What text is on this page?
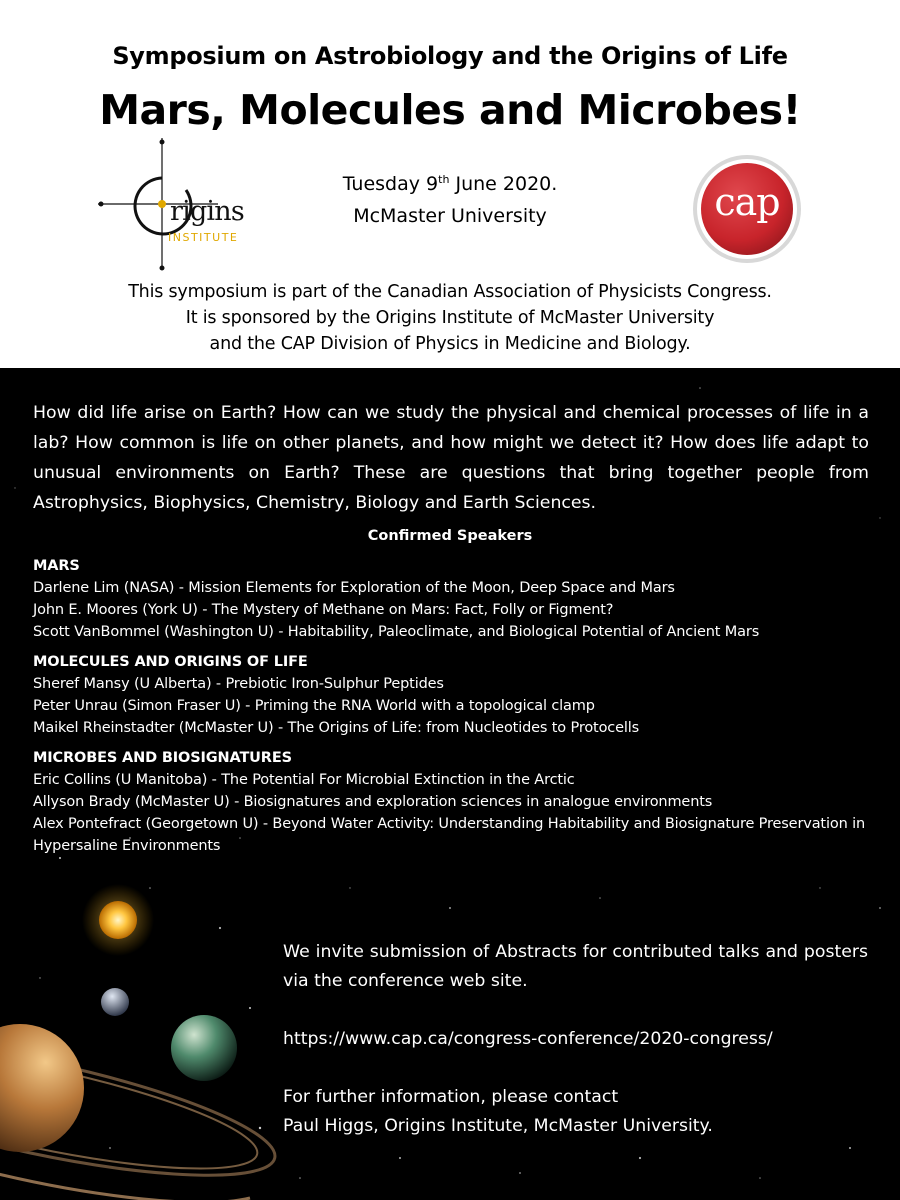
Symposium on Astrobiology and the Origins of Life
Mars, Molecules and Microbes!
rigins
INSTITUTE
Tuesday 9th June 2020.
McMaster University	cap
This symposium is part of the Canadian Association of Physicists Congress.
It is sponsored by the Origins Institute of McMaster University
and the CAP Division of Physics in Medicine and Biology.
How did life arise on Earth? How can we study the physical and chemical processes of life in a lab? How common is life on other planets, and how might we detect it? How does life adapt to unusual environments on Earth? These are questions that bring together people from Astrophysics, Biophysics, Chemistry, Biology and Earth Sciences.
Confirmed Speakers
MARS
Darlene Lim (NASA) - Mission Elements for Exploration of the Moon, Deep Space and Mars
John E. Moores (York U) - The Mystery of Methane on Mars: Fact, Folly or Figment?
Scott VanBommel (Washington U) - Habitability, Paleoclimate, and Biological Potential of Ancient Mars
MOLECULES AND ORIGINS OF LIFE
Sheref Mansy (U Alberta) - Prebiotic Iron-Sulphur Peptides
Peter Unrau (Simon Fraser U) - Priming the RNA World with a topological clamp
Maikel Rheinstadter (McMaster U) - The Origins of Life: from Nucleotides to Protocells
MICROBES AND BIOSIGNATURES
Eric Collins (U Manitoba) - The Potential For Microbial Extinction in the Arctic
Allyson Brady (McMaster U) - Biosignatures and exploration sciences in analogue environments
Alex Pontefract (Georgetown U) - Beyond Water Activity: Understanding Habitability and Biosignature Preservation in Hypersaline Environments
We invite submission of Abstracts for contributed talks and posters via the conference web site.
https://www.cap.ca/congress-conference/2020-congress/
For further information, please contact
Paul Higgs, Origins Institute, McMaster University.
